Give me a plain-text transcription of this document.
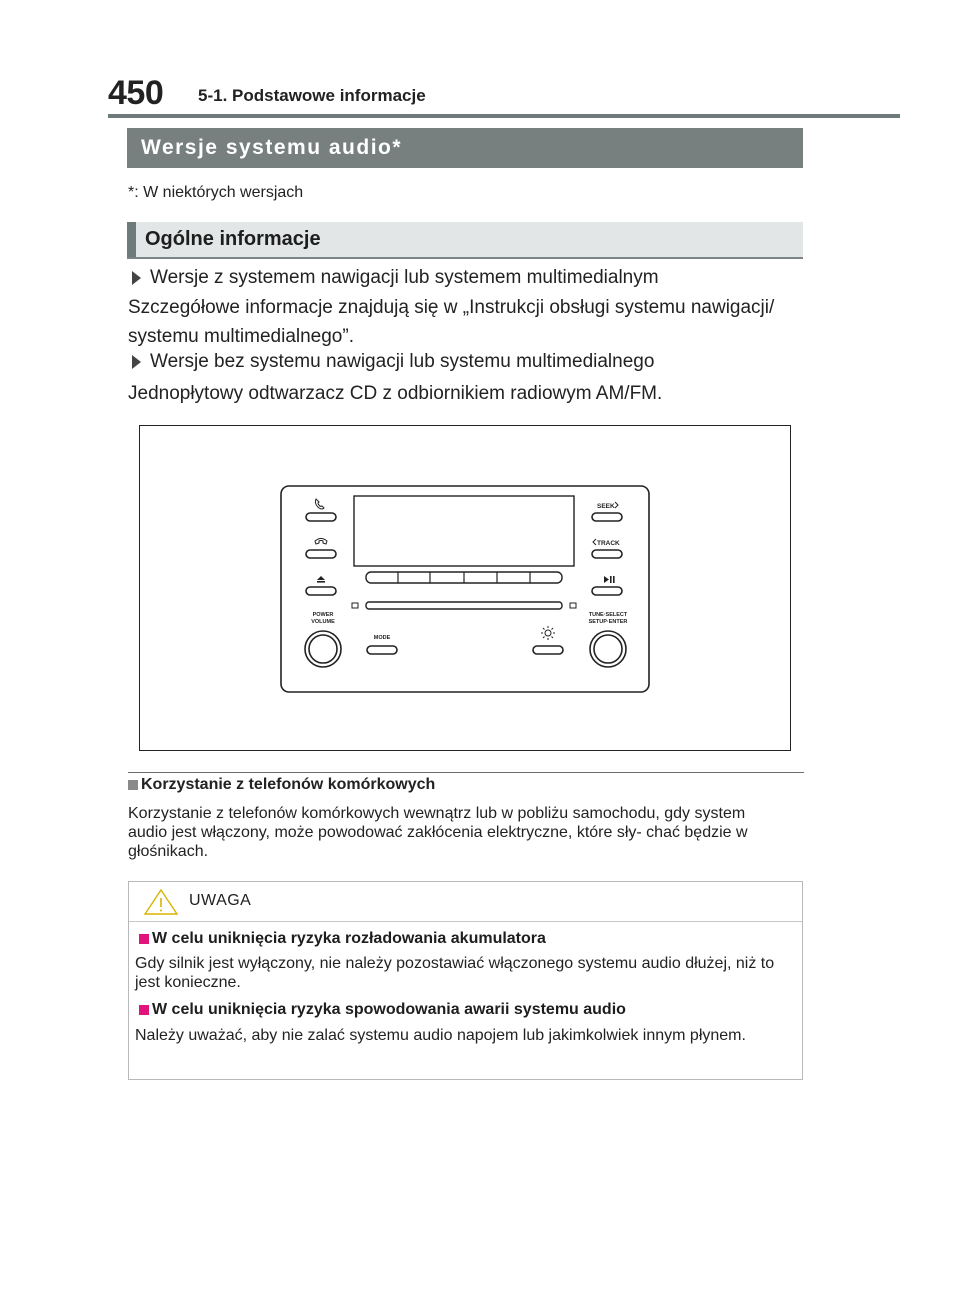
450 5-1. Podstawowe informacje
Wersje systemu audio*
*: W niektórych wersjach
Ogólne informacje
Wersje z systemem nawigacji lub systemem multimedialnym
Szczegółowe informacje znajdują się w „Instrukcji obsługi systemu nawigacji/ systemu multimedialnego”.
Wersje bez systemu nawigacji lub systemu multimedialnego
Jednopłytowy odtwarzacz CD z odbiornikiem radiowym AM/FM.
SEEK
TRACK
POWER
VOLUME
MODE
TUNE·SELECT
SETUP·ENTER
Korzystanie z telefonów komórkowych
Korzystanie z telefonów komórkowych wewnątrz lub w pobliżu samochodu, gdy system audio jest włączony, może powodować zakłócenia elektryczne, które sły- chać będzie w głośnikach.
UWAGA
W celu uniknięcia ryzyka rozładowania akumulatora
Gdy silnik jest wyłączony, nie należy pozostawiać włączonego systemu audio dłużej, niż to jest konieczne.
W celu uniknięcia ryzyka spowodowania awarii systemu audio
Należy uważać, aby nie zalać systemu audio napojem lub jakimkolwiek innym płynem.
